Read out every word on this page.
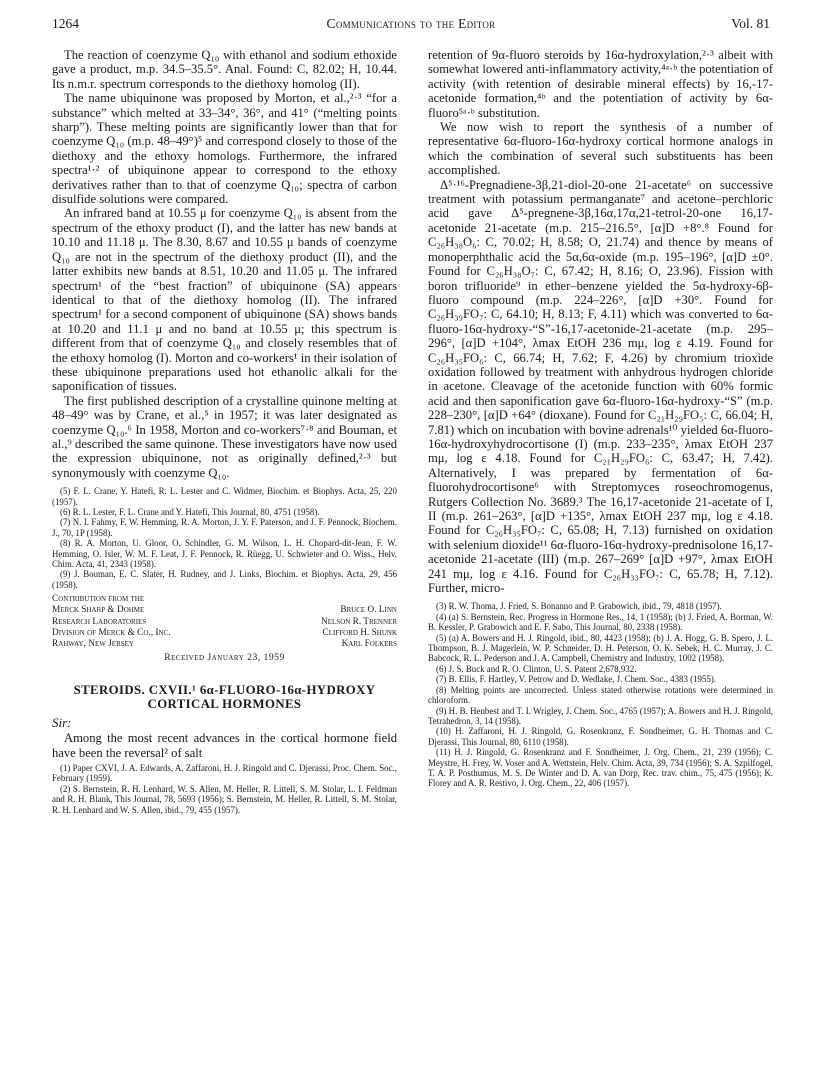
1264	Communications to the Editor	Vol. 81

The reaction of coenzyme Q₁₀ with ethanol and sodium ethoxide gave a product, m.p. 34.5–35.5°. Anal. Found: C, 82.02; H, 10.44. Its n.m.r. spectrum corresponds to the diethoxy homolog (II).

The name ubiquinone was proposed by Morton, et al.,²·³ “for a substance” which melted at 33–34°, 36°, and 41° (“melting points sharp”). These melting points are significantly lower than that for coenzyme Q₁₀ (m.p. 48–49°)⁵ and correspond closely to those of the diethoxy and the ethoxy homologs. Furthermore, the infrared spectra¹·² of ubiquinone appear to correspond to the ethoxy derivatives rather than to that of coenzyme Q₁₀; spectra of carbon disulfide solutions were compared.

An infrared band at 10.55 μ for coenzyme Q₁₀ is absent from the spectrum of the ethoxy product (I), and the latter has new bands at 10.10 and 11.18 μ. The 8.30, 8.67 and 10.55 μ bands of coenzyme Q₁₀ are not in the spectrum of the diethoxy product (II), and the latter exhibits new bands at 8.51, 10.20 and 11.05 μ. The infrared spectrum¹ of the “best fraction” of ubiquinone (SA) appears identical to that of the diethoxy homolog (II). The infrared spectrum¹ for a second component of ubiquinone (SA) shows bands at 10.20 and 11.1 μ and no band at 10.55 μ; this spectrum is different from that of coenzyme Q₁₀ and closely resembles that of the ethoxy homolog (I). Morton and co-workers¹ in their isolation of these ubiquinone preparations used hot ethanolic alkali for the saponification of tissues.

The first published description of a crystalline quinone melting at 48–49° was by Crane, et al.,⁵ in 1957; it was later designated as coenzyme Q₁₀.⁶ In 1958, Morton and co-workers⁷·⁸ and Bouman, et al.,⁹ described the same quinone. These investigators have now used the expression ubiquinone, not as originally defined,²·³ but synonymously with coenzyme Q₁₀.

(5) F. L. Crane, Y. Hatefi, R. L. Lester and C. Widmer, Biochim. et Biophys. Acta, 25, 220 (1957).

(6) R. L. Lester, F. L. Crane and Y. Hatefi, This Journal, 80, 4751 (1958).

(7) N. I. Fahmy, F. W. Hemming, R. A. Morton, J. Y. F. Paterson, and J. F. Pennock, Biochem. J., 70, 1P (1958).

(8) R. A. Morton, U. Gloor, O. Schindler, G. M. Wilson, L. H. Chopard-dit-Jean, F. W. Hemming, O. Isler, W. M. F. Leat, J. F. Pennock, R. Rüegg, U. Schwieter and O. Wiss., Helv. Chim. Acta, 41, 2343 (1958).

(9) J. Bouman, E. C. Slater, H. Rudney, and J. Links, Biochim. et Biophys. Acta, 29, 456 (1958).

Contribution from the
Merck Sharp & Dohme	Bruce O. Linn
Research Laboratories	Nelson R. Trenner
Division of Merck & Co., Inc.	Clifford H. Shunk
Rahway, New Jersey	Karl Folkers
Received January 23, 1959
STEROIDS. CXVII.¹ 6α-FLUORO-16α-HYDROXY
CORTICAL HORMONES
Sir:

Among the most recent advances in the cortical hormone field have been the reversal² of salt

(1) Paper CXVI, J. A. Edwards, A. Zaffaroni, H. J. Ringold and C. Djerassi, Proc. Chem. Soc., February (1959).

(2) S. Bernstein, R. H. Lenhard, W. S. Allen, M. Heller, R. Littell, S. M. Stolar, L. I. Feldman and R. H. Blank, This Journal, 78, 5693 (1956); S. Bernstein, M. Heller, R. Littell, S. M. Stolar, R. H. Lenhard and W. S. Allen, ibid., 79, 455 (1957).

retention of 9α-fluoro steroids by 16α-hydroxylation,²·³ albeit with somewhat lowered anti-inflammatory activity,⁴ᵃ·ᵇ the potentiation of activity (with retention of desirable mineral effects) by 16,-17-acetonide formation,⁴ᵇ and the potentiation of activity by 6α-fluoro⁵ᵃ·ᵇ substitution.

We now wish to report the synthesis of a number of representative 6α-fluoro-16α-hydroxy cortical hormone analogs in which the combination of several such substituents has been accomplished.

Δ⁵·¹⁶-Pregnadiene-3β,21-diol-20-one 21-acetate⁶ on successive treatment with potassium permanganate⁷ and acetone–perchloric acid gave Δ⁵-pregnene-3β,16α,17α,21-tetrol-20-one 16,17-acetonide 21-acetate (m.p. 215–216.5°, [α]D +8°.⁸ Found for C₂₆H₃₈O₆: C, 70.02; H, 8.58; O, 21.74) and thence by means of monoperphthalic acid the 5α,6α-oxide (m.p. 195–196°, [α]D ±0°. Found for C₂₆H₃₈O₇: C, 67.42; H, 8.16; O, 23.96). Fission with boron trifluoride⁹ in ether–benzene yielded the 5α-hydroxy-6β-fluoro compound (m.p. 224–226°, [α]D +30°. Found for C₂₆H₃₉FO₇: C, 64.10; H, 8.13; F, 4.11) which was converted to 6α-fluoro-16α-hydroxy-“S”-16,17-acetonide-21-acetate (m.p. 295–296°, [α]D +104°, λmax EtOH 236 mμ, log ε 4.19. Found for C₂₆H₃₅FO₆: C, 66.74; H, 7.62; F, 4.26) by chromium trioxide oxidation followed by treatment with anhydrous hydrogen chloride in acetone. Cleavage of the acetonide function with 60% formic acid and then saponification gave 6α-fluoro-16α-hydroxy-“S” (m.p. 228–230°, [α]D +64° (dioxane). Found for C₂₁H₂₉FO₅: C, 66.04; H, 7.81) which on incubation with bovine adrenals¹⁰ yielded 6α-fluoro-16α-hydroxyhydrocortisone (I) (m.p. 233–235°, λmax EtOH 237 mμ, log ε 4.18. Found for C₂₁H₂₉FO₆: C, 63.47; H, 7.42). Alternatively, I was prepared by fermentation of 6α-fluorohydrocortisone⁶ with Streptomyces roseochromogenus, Rutgers Collection No. 3689.³ The 16,17-acetonide 21-acetate of I, II (m.p. 261–263°, [α]D +135°, λmax EtOH 237 mμ, log ε 4.18. Found for C₂₆H₃₅FO₇: C, 65.08; H, 7.13) furnished on oxidation with selenium dioxide¹¹ 6α-fluoro-16α-hydroxy-prednisolone 16,17-acetonide 21-acetate (III) (m.p. 267–269° [α]D +97°, λmax EtOH 241 mμ, log ε 4.16. Found for C₂₆H₃₃FO₇: C, 65.78; H, 7.12). Further, micro-

(3) R. W. Thoma, J. Fried, S. Bonanno and P. Grabowich, ibid., 79, 4818 (1957).

(4) (a) S. Bernstein, Rec. Progress in Hormone Res., 14, 1 (1958); (b) J. Fried, A. Borman, W. B. Kessler, P. Grabowich and E. F. Sabo, This Journal, 80, 2338 (1958).

(5) (a) A. Bowers and H. J. Ringold, ibid., 80, 4423 (1958); (b) J. A. Hogg, G. B. Spero, J. L. Thompson, B. J. Magerlein, W. P. Schneider, D. H. Peterson, O. K. Sebek, H. C. Murray, J. C. Babcock, R. L. Pederson and J. A. Campbell, Chemistry and Industry, 1002 (1958).

(6) J. S. Buck and R. O. Clinton, U. S. Patent 2,678,932.

(7) B. Ellis, F. Hartley, V. Petrow and D. Wedlake, J. Chem. Soc., 4383 (1955).

(8) Melting points are uncorrected. Unless stated otherwise rotations were determined in chloroform.

(9) H. B. Henbest and T. I. Wrigley, J. Chem. Soc., 4765 (1957); A. Bowers and H. J. Ringold, Tetrahedron, 3, 14 (1958).

(10) H. Zaffaroni, H. J. Ringold, G. Rosenkranz, F. Sondheimer, G. H. Thomas and C. Djerassi, This Journal, 80, 6110 (1958).

(11) H. J. Ringold, G. Rosenkranz and F. Sondheimer, J. Org. Chem., 21, 239 (1956); C. Meystre, H. Frey, W. Voser and A. Wettstein, Helv. Chim. Acta, 39, 734 (1956); S. A. Szpilfogel, T. A. P. Posthumus, M. S. De Winter and D. A. van Dorp, Rec. trav. chim., 75, 475 (1956); K. Florey and A. R. Restivo, J. Org. Chem., 22, 406 (1957).
